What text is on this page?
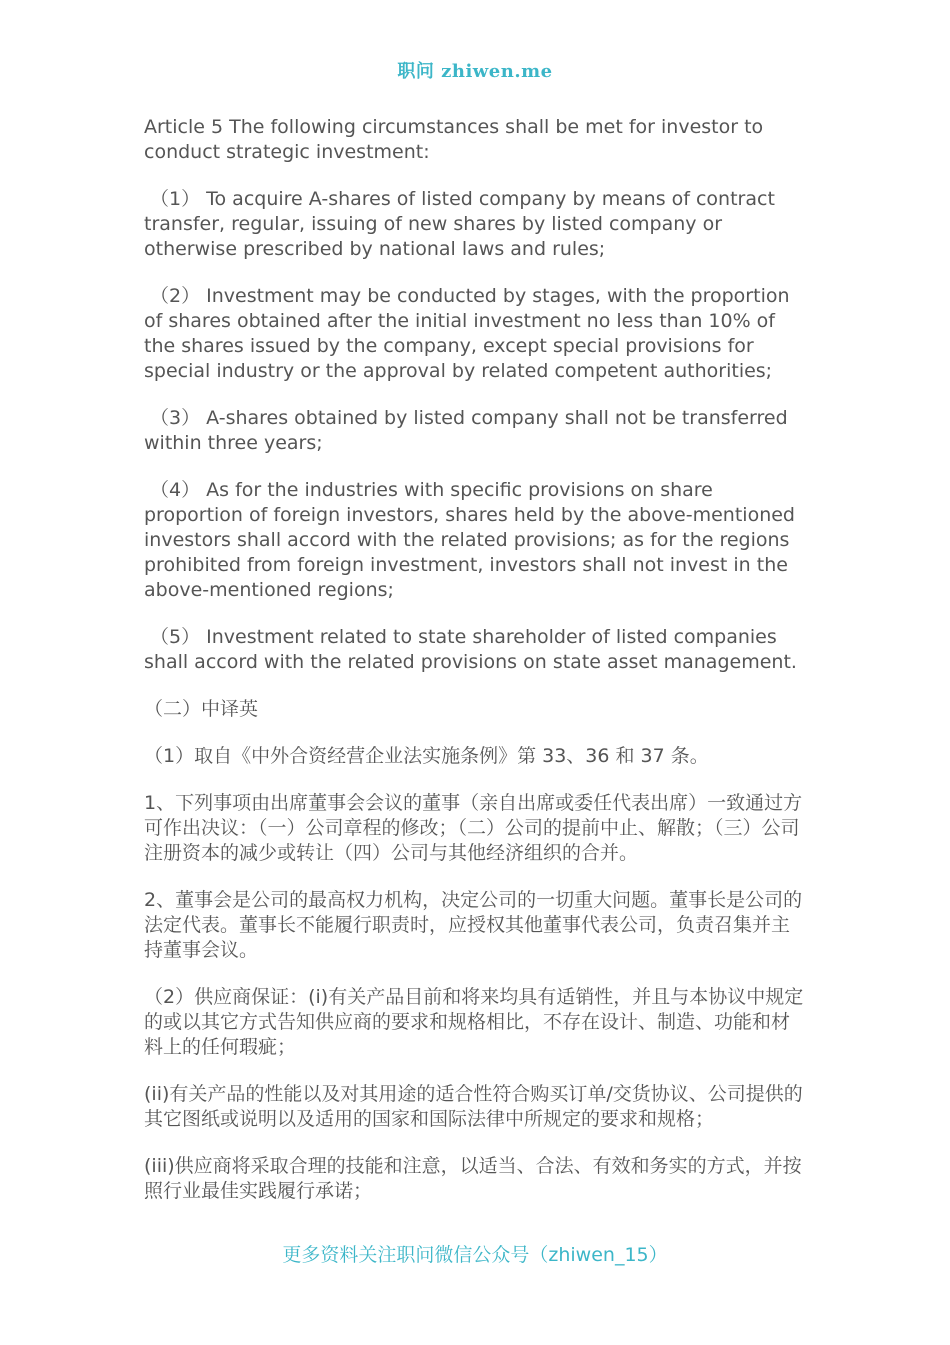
职问 zhiwen.me

Article 5 The following circumstances shall be met for investor to conduct strategic investment:

（1） To acquire A-shares of listed company by means of contract transfer, regular, issuing of new shares by listed company or otherwise prescribed by national laws and rules;

（2） Investment may be conducted by stages, with the proportion of shares obtained after the initial investment no less than 10% of the shares issued by the company, except special provisions for special industry or the approval by related competent authorities;

（3） A-shares obtained by listed company shall not be transferred within three years;

（4） As for the industries with specific provisions on share proportion of foreign investors, shares held by the above-mentioned investors shall accord with the related provisions; as for the regions prohibited from foreign investment, investors shall not invest in the above-mentioned regions;

（5） Investment related to state shareholder of listed companies shall accord with the related provisions on state asset management.

（二）中译英

（1）取自《中外合资经营企业法实施条例》第 33、36 和 37 条。

1、下列事项由出席董事会会议的董事（亲自出席或委任代表出席）一致通过方可作出决议：（一）公司章程的修改；（二）公司的提前中止、解散；（三）公司注册资本的减少或转让（四）公司与其他经济组织的合并。

2、董事会是公司的最高权力机构，决定公司的一切重大问题。董事长是公司的法定代表。董事长不能履行职责时，应授权其他董事代表公司，负责召集并主持董事会议。

（2）供应商保证：(i)有关产品目前和将来均具有适销性，并且与本协议中规定的或以其它方式告知供应商的要求和规格相比，不存在设计、制造、功能和材料上的任何瑕疵；

(ii)有关产品的性能以及对其用途的适合性符合购买订单/交货协议、公司提供的其它图纸或说明以及适用的国家和国际法律中所规定的要求和规格；

(iii)供应商将采取合理的技能和注意，以适当、合法、有效和务实的方式，并按照行业最佳实践履行承诺；

更多资料关注职问微信公众号（zhiwen_15）
